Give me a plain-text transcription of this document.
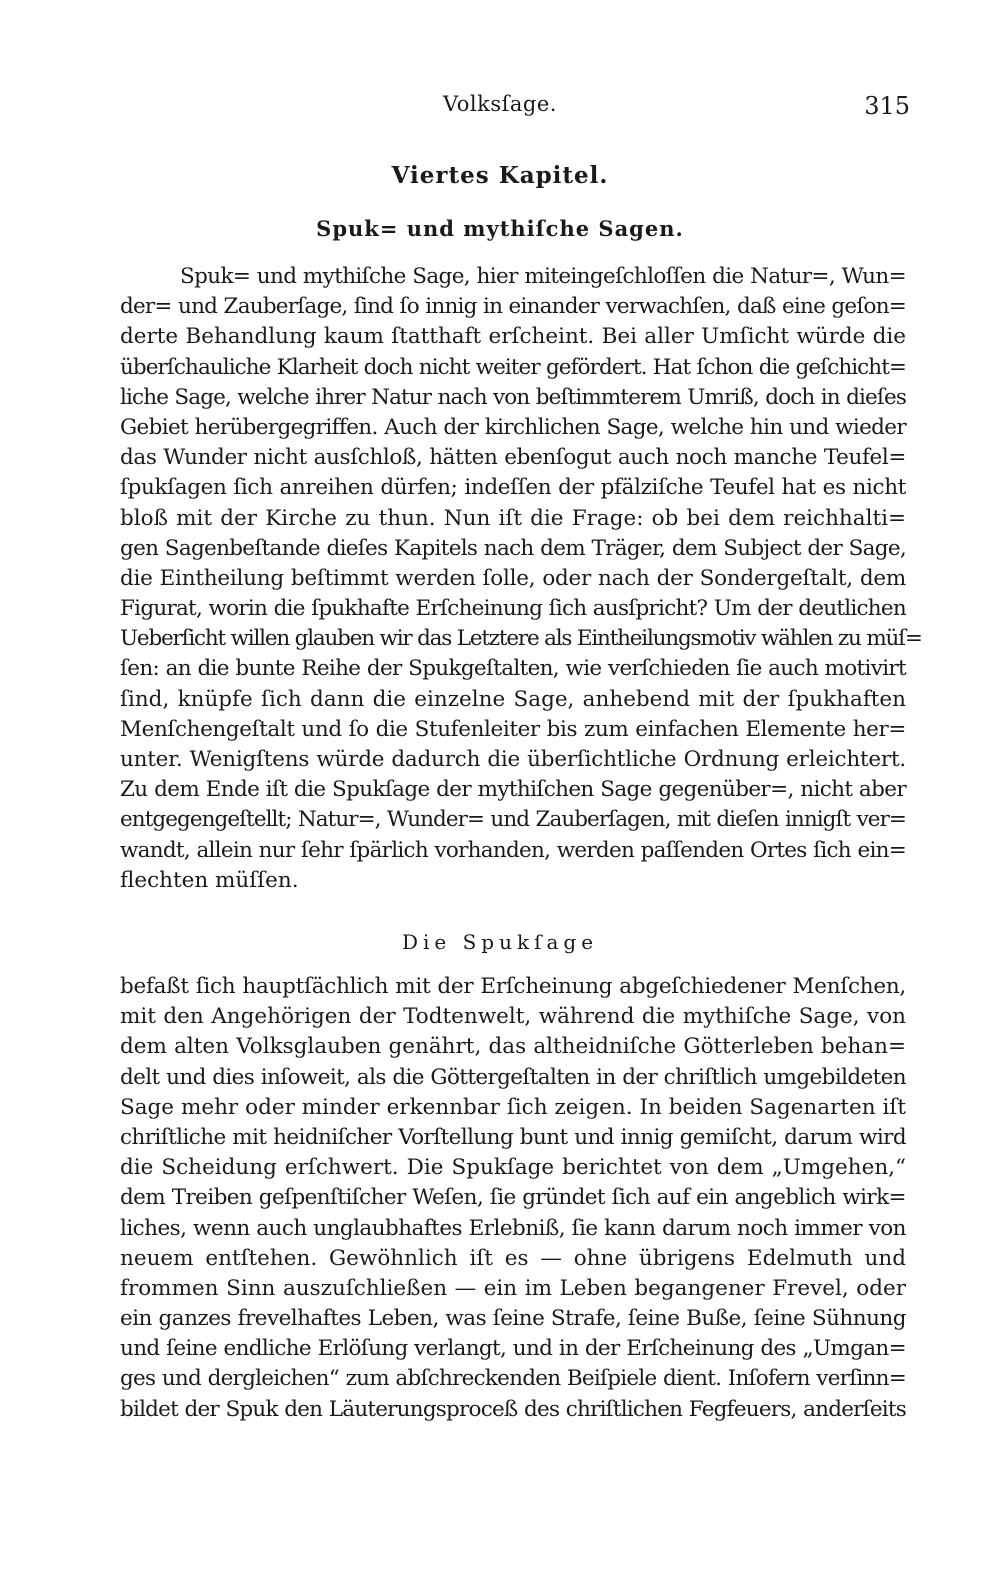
Volksſage.	315
Viertes Kapitel.
Spuk= und mythiſche Sagen.
Spuk= und mythiſche Sage, hier miteingeſchloſſen die Natur=, Wun=
der= und Zauberſage, ſind ſo innig in einander verwachſen, daß eine geſon=
derte Behandlung kaum ſtatthaft erſcheint. Bei aller Umſicht würde die
überſchauliche Klarheit doch nicht weiter gefördert. Hat ſchon die geſchicht=
liche Sage, welche ihrer Natur nach von beſtimmterem Umriß, doch in dieſes
Gebiet herübergegriffen. Auch der kirchlichen Sage, welche hin und wieder
das Wunder nicht ausſchloß, hätten ebenſogut auch noch manche Teufel=
ſpukſagen ſich anreihen dürfen; indeſſen der pfälziſche Teufel hat es nicht
bloß mit der Kirche zu thun. Nun iſt die Frage: ob bei dem reichhalti=
gen Sagenbeſtande dieſes Kapitels nach dem Träger, dem Subject der Sage,
die Eintheilung beſtimmt werden ſolle, oder nach der Sondergeſtalt, dem
Figurat, worin die ſpukhafte Erſcheinung ſich ausſpricht? Um der deutlichen
Ueberſicht willen glauben wir das Letztere als Eintheilungsmotiv wählen zu müſ=
ſen: an die bunte Reihe der Spukgeſtalten, wie verſchieden ſie auch motivirt
ſind, knüpfe ſich dann die einzelne Sage, anhebend mit der ſpukhaften
Menſchengeſtalt und ſo die Stufenleiter bis zum einfachen Elemente her=
unter. Wenigſtens würde dadurch die überſichtliche Ordnung erleichtert.
Zu dem Ende iſt die Spukſage der mythiſchen Sage gegenüber=, nicht aber
entgegengeſtellt; Natur=, Wunder= und Zauberſagen, mit dieſen innigſt ver=
wandt, allein nur ſehr ſpärlich vorhanden, werden paſſenden Ortes ſich ein=
flechten müſſen.
Die Spukſage
befaßt ſich hauptſächlich mit der Erſcheinung abgeſchiedener Menſchen,
mit den Angehörigen der Todtenwelt, während die mythiſche Sage, von
dem alten Volksglauben genährt, das altheidniſche Götterleben behan=
delt und dies inſoweit, als die Göttergeſtalten in der chriſtlich umgebildeten
Sage mehr oder minder erkennbar ſich zeigen. In beiden Sagenarten iſt
chriſtliche mit heidniſcher Vorſtellung bunt und innig gemiſcht, darum wird
die Scheidung erſchwert. Die Spukſage berichtet von dem „Umgehen,“
dem Treiben geſpenſtiſcher Weſen, ſie gründet ſich auf ein angeblich wirk=
liches, wenn auch unglaubhaftes Erlebniß, ſie kann darum noch immer von
neuem entſtehen. Gewöhnlich iſt es — ohne übrigens Edelmuth und
frommen Sinn auszuſchließen — ein im Leben begangener Frevel, oder
ein ganzes frevelhaftes Leben, was ſeine Strafe, ſeine Buße, ſeine Sühnung
und ſeine endliche Erlöſung verlangt, und in der Erſcheinung des „Umgan=
ges und dergleichen“ zum abſchreckenden Beiſpiele dient. Inſofern verſinn=
bildet der Spuk den Läuterungsproceß des chriſtlichen Fegfeuers, anderſeits
